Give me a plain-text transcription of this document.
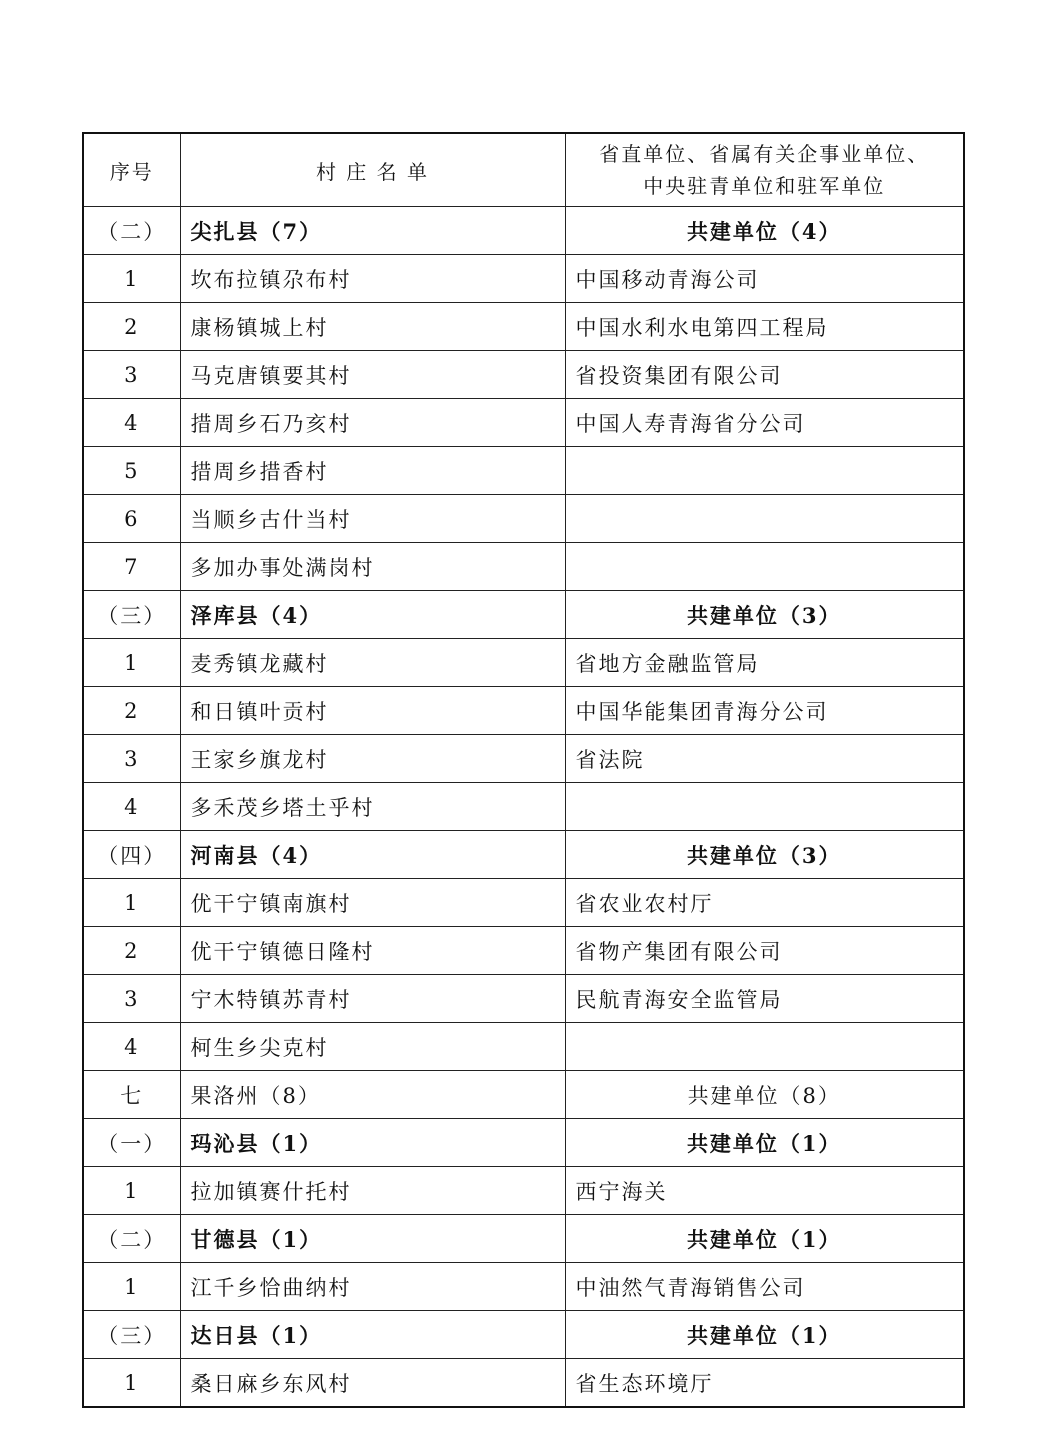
序号	村 庄 名 单	省直单位、省属有关企事业单位、
中央驻青单位和驻军单位

（二）	尖扎县（7）	共建单位（4）
1	坎布拉镇尕布村	中国移动青海公司
2	康杨镇城上村	中国水利水电第四工程局
3	马克唐镇要其村	省投资集团有限公司
4	措周乡石乃亥村	中国人寿青海省分公司
5	措周乡措香村	
6	当顺乡古什当村	
7	多加办事处满岗村	
（三）	泽库县（4）	共建单位（3）
1	麦秀镇龙藏村	省地方金融监管局
2	和日镇叶贡村	中国华能集团青海分公司
3	王家乡旗龙村	省法院
4	多禾茂乡塔土乎村	
（四）	河南县（4）	共建单位（3）
1	优干宁镇南旗村	省农业农村厅
2	优干宁镇德日隆村	省物产集团有限公司
3	宁木特镇苏青村	民航青海安全监管局
4	柯生乡尖克村	
七	果洛州（8）	共建单位（8）
（一）	玛沁县（1）	共建单位（1）
1	拉加镇赛什托村	西宁海关
（二）	甘德县（1）	共建单位（1）
1	江千乡恰曲纳村	中油然气青海销售公司
（三）	达日县（1）	共建单位（1）
1	桑日麻乡东风村	省生态环境厅
